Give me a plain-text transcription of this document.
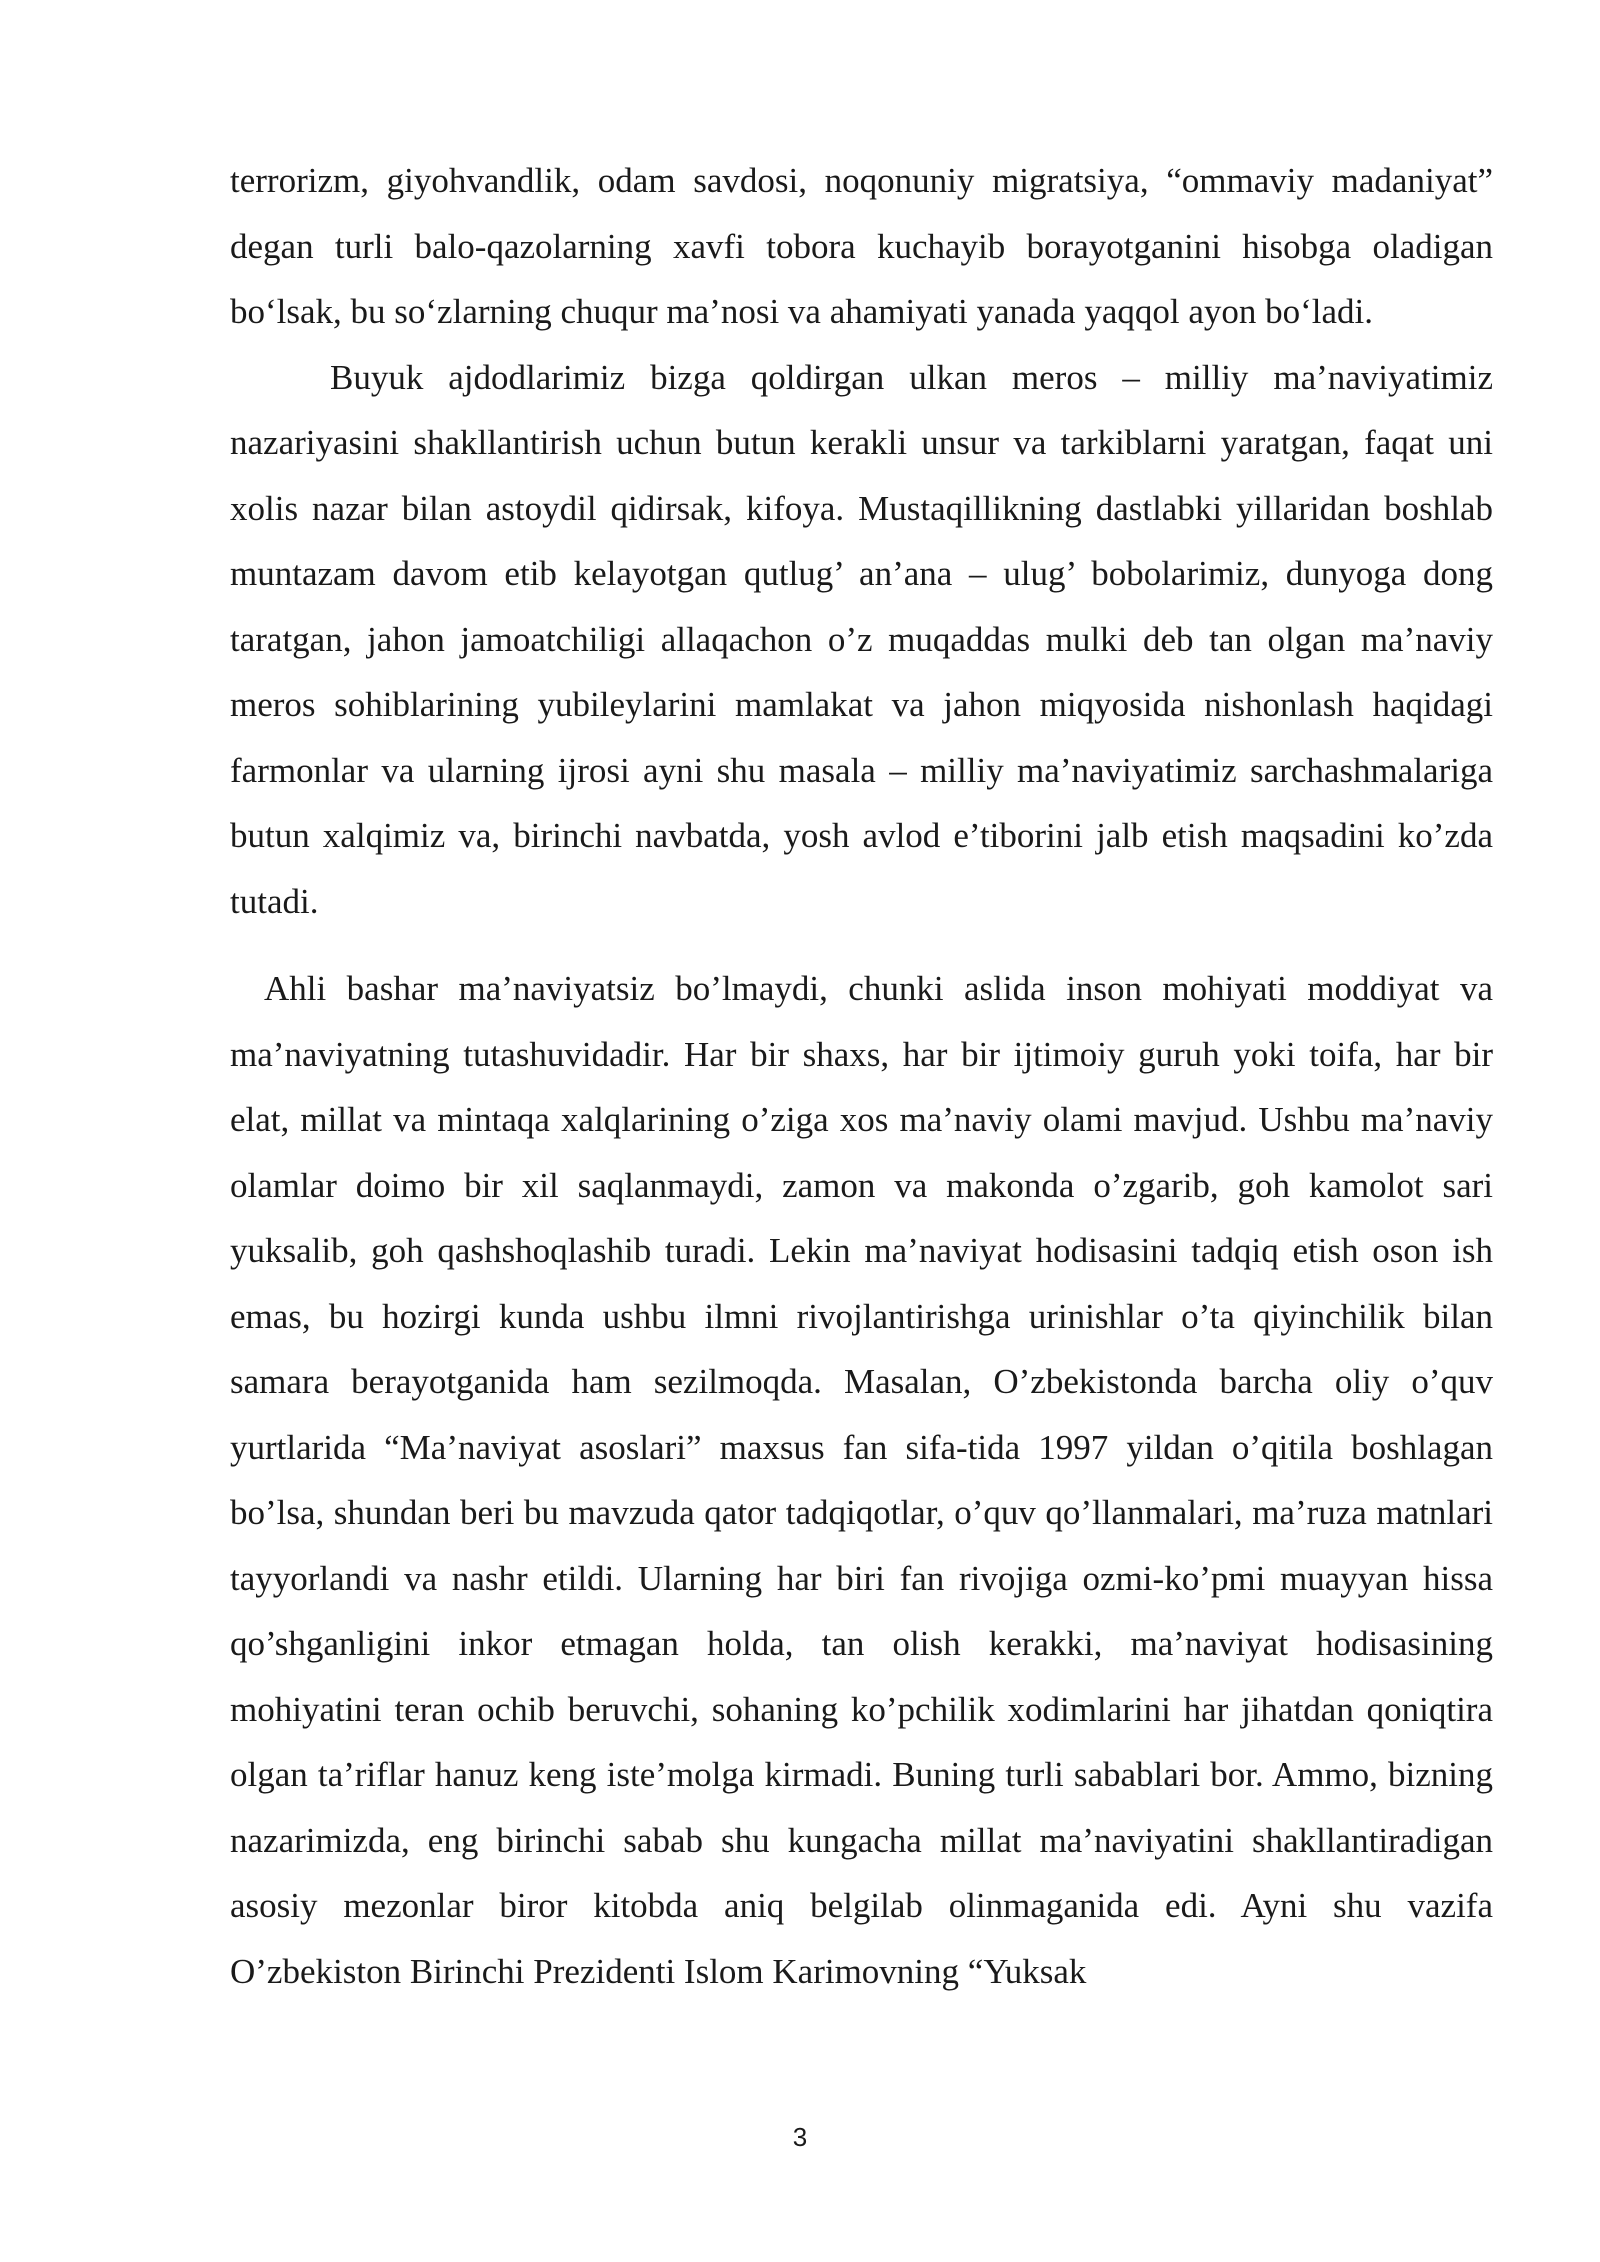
terrorizm, giyohvandlik, odam savdosi, noqonuniy migratsiya, “ommaviy madaniyat” degan turli balo-qazolarning xavfi tobora kuchayib borayotganini hisobga oladigan bo‘lsak, bu so‘zlarning chuqur ma’nosi va ahamiyati yanada yaqqol ayon bo‘ladi.

Buyuk ajdodlarimiz bizga qoldirgan ulkan meros – milliy ma’naviyatimiz nazariyasini shakllantirish uchun butun kerakli unsur va tarkiblarni yaratgan, faqat uni xolis nazar bilan astoydil qidirsak, kifoya. Mustaqillikning dastlabki yillaridan boshlab muntazam davom etib kelayotgan qutlug’ an’ana – ulug’ bobolarimiz, dunyoga dong taratgan, jahon jamoatchiligi allaqachon o’z muqaddas mulki deb tan olgan ma’naviy meros sohiblarining yubileylarini mamlakat va jahon miqyosida nishonlash haqidagi farmonlar va ularning ijrosi ayni shu masala – milliy ma’naviyatimiz sarchashmalariga butun xalqimiz va, birinchi navbatda, yosh avlod e’tiborini jalb etish maqsadini ko’zda tutadi.

Ahli bashar ma’naviyatsiz bo’lmaydi, chunki aslida inson mohiyati moddiyat va ma’naviyatning tutashuvidadir. Har bir shaxs, har bir ijtimoiy guruh yoki toifa, har bir elat, millat va mintaqa xalqlarining o’ziga xos ma’naviy olami mavjud. Ushbu ma’naviy olamlar doimo bir xil saqlanmaydi, zamon va makonda o’zgarib, goh kamolot sari yuksalib, goh qashshoqlashib turadi. Lekin ma’naviyat hodisasini tadqiq etish oson ish emas, bu hozirgi kunda ushbu ilmni rivojlantirishga urinishlar o’ta qiyinchilik bilan samara berayotganida ham sezilmoqda. Masalan, O’zbekistonda barcha oliy o’quv yurtlarida “Ma’naviyat asoslari” maxsus fan sifa-tida 1997 yildan o’qitila boshlagan bo’lsa, shundan beri bu mavzuda qator tadqiqotlar, o’quv qo’llanmalari, ma’ruza matnlari tayyorlandi va nashr etildi. Ularning har biri fan rivojiga ozmi-ko’pmi muayyan hissa qo’shganligini inkor etmagan holda, tan olish kerakki, ma’naviyat hodisasining mohiyatini teran ochib beruvchi, sohaning ko’pchilik xodimlarini har jihatdan qoniqtira olgan ta’riflar hanuz keng iste’molga kirmadi. Buning turli sabablari bor. Ammo, bizning nazarimizda, eng birinchi sabab shu kungacha millat ma’naviyatini shakllantiradigan asosiy mezonlar biror kitobda aniq belgilab olinmaganida edi. Ayni shu vazifa O’zbekiston Birinchi Prezidenti Islom Karimovning “Yuksak

3
